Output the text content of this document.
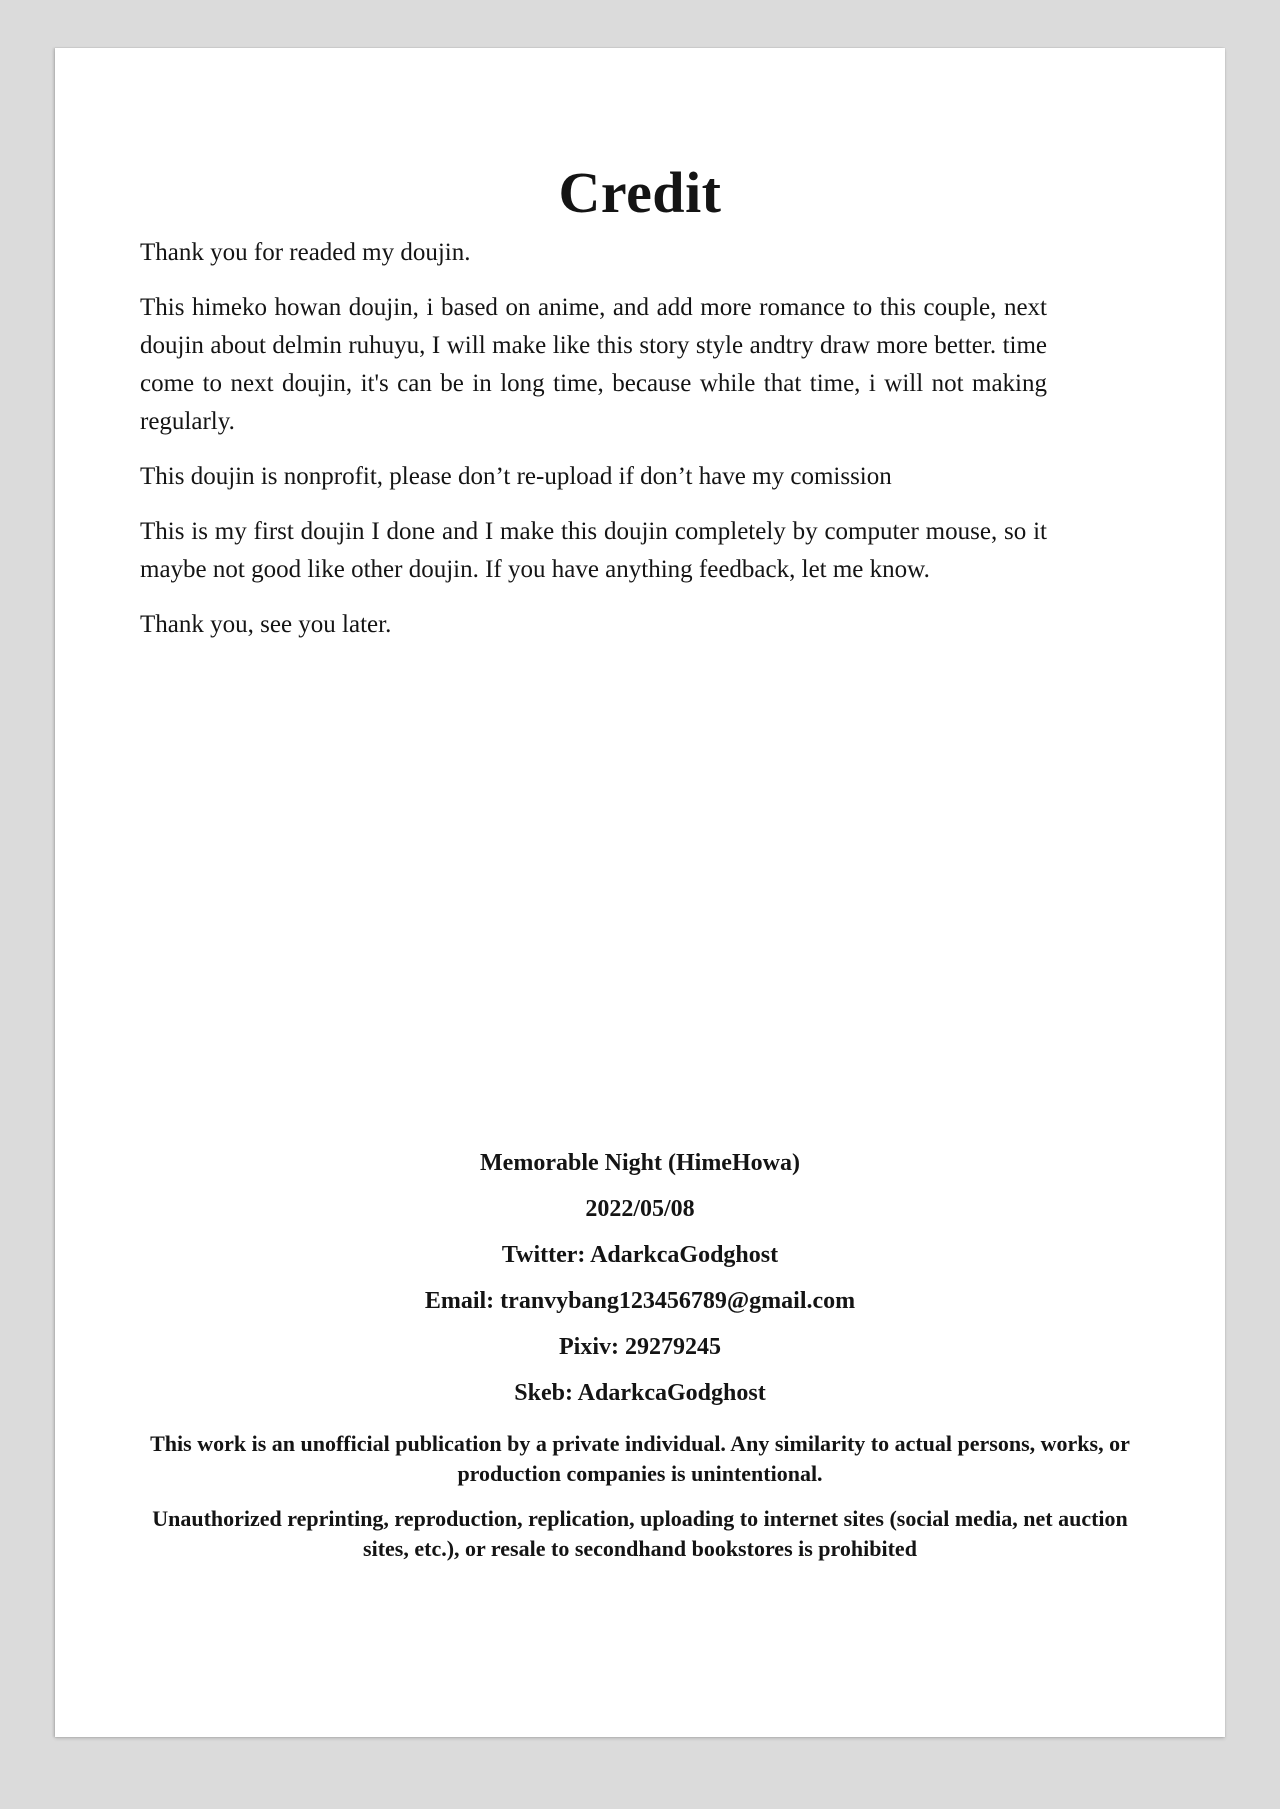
Credit

Thank you for readed my doujin.

This himeko howan doujin, i based on anime, and add more romance to this couple, next doujin about delmin ruhuyu, I will make like this story style andtry draw more better. time come to next doujin, it's can be in long time, because while that time, i will not making regularly.

This doujin is nonprofit, please don’t re-upload if don’t have my comission

This is my first doujin I done and I make this doujin completely by computer mouse, so it maybe not good like other doujin. If you have anything feedback, let me know.

Thank you, see you later.

Memorable Night (HimeHowa)

2022/05/08

Twitter: AdarkcaGodghost

Email: tranvybang123456789@gmail.com

Pixiv: 29279245

Skeb: AdarkcaGodghost

This work is an unofficial publication by a private individual. Any similarity to actual persons, works, or production companies is unintentional.

Unauthorized reprinting, reproduction, replication, uploading to internet sites (social media, net auction sites, etc.), or resale to secondhand bookstores is prohibited
